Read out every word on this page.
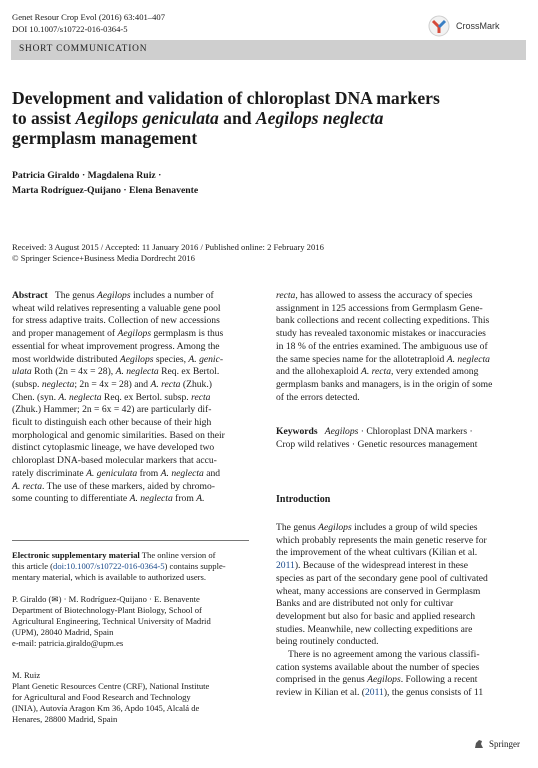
Genet Resour Crop Evol (2016) 63:401–407
DOI 10.1007/s10722-016-0364-5	CrossMark
SHORT COMMUNICATION
Development and validation of chloroplast DNA markers
to assist Aegilops geniculata and Aegilops neglecta
germplasm management
Patricia Giraldo · Magdalena Ruiz ·
Marta Rodríguez-Quijano · Elena Benavente
Received: 3 August 2015 / Accepted: 11 January 2016 / Published online: 2 February 2016
© Springer Science+Business Media Dordrecht 2016
Abstract   The genus Aegilops includes a number of
wheat wild relatives representing a valuable gene pool
for stress adaptive traits. Collection of new accessions
and proper management of Aegilops germplasm is thus
essential for wheat improvement progress. Among the
most worldwide distributed Aegilops species, A. genic-
ulata Roth (2n = 4x = 28), A. neglecta Req. ex Bertol.
(subsp. neglecta; 2n = 4x = 28) and A. recta (Zhuk.)
Chen. (syn. A. neglecta Req. ex Bertol. subsp. recta
(Zhuk.) Hammer; 2n = 6x = 42) are particularly dif-
ficult to distinguish each other because of their high
morphological and genomic similarities. Based on their
distinct cytoplasmic lineage, we have developed two
chloroplast DNA-based molecular markers that accu-
rately discriminate A. geniculata from A. neglecta and
A. recta. The use of these markers, aided by chromo-
some counting to differentiate A. neglecta from A.
recta, has allowed to assess the accuracy of species
assignment in 125 accessions from Germplasm Gene-
bank collections and recent collecting expeditions. This
study has revealed taxonomic mistakes or inaccuracies
in 18 % of the entries examined. The ambiguous use of
the same species name for the allotetraploid A. neglecta
and the allohexaploid A. recta, very extended among
germplasm banks and managers, is in the origin of some
of the errors detected.
Keywords Aegilops · Chloroplast DNA markers ·
Crop wild relatives · Genetic resources management
Introduction
The genus Aegilops includes a group of wild species
which probably represents the main genetic reserve for
the improvement of the wheat cultivars (Kilian et al.
2011). Because of the widespread interest in these
species as part of the secondary gene pool of cultivated
wheat, many accessions are conserved in Germplasm
Banks and are distributed not only for cultivar
development but also for basic and applied research
studies. Meanwhile, new collecting expeditions are
being routinely conducted.
There is no agreement among the various classifi-
cation systems available about the number of species
comprised in the genus Aegilops. Following a recent
review in Kilian et al. (2011), the genus consists of 11
Electronic supplementary material The online version of
this article (doi:10.1007/s10722-016-0364-5) contains supple-
mentary material, which is available to authorized users.
P. Giraldo (✉) · M. Rodríguez-Quijano · E. Benavente
Department of Biotechnology-Plant Biology, School of
Agricultural Engineering, Technical University of Madrid
(UPM), 28040 Madrid, Spain
e-mail: patricia.giraldo@upm.es
M. Ruiz
Plant Genetic Resources Centre (CRF), National Institute
for Agricultural and Food Research and Technology
(INIA), Autovía Aragon Km 36, Apdo 1045, Alcalá de
Henares, 28800 Madrid, Spain
Springer
